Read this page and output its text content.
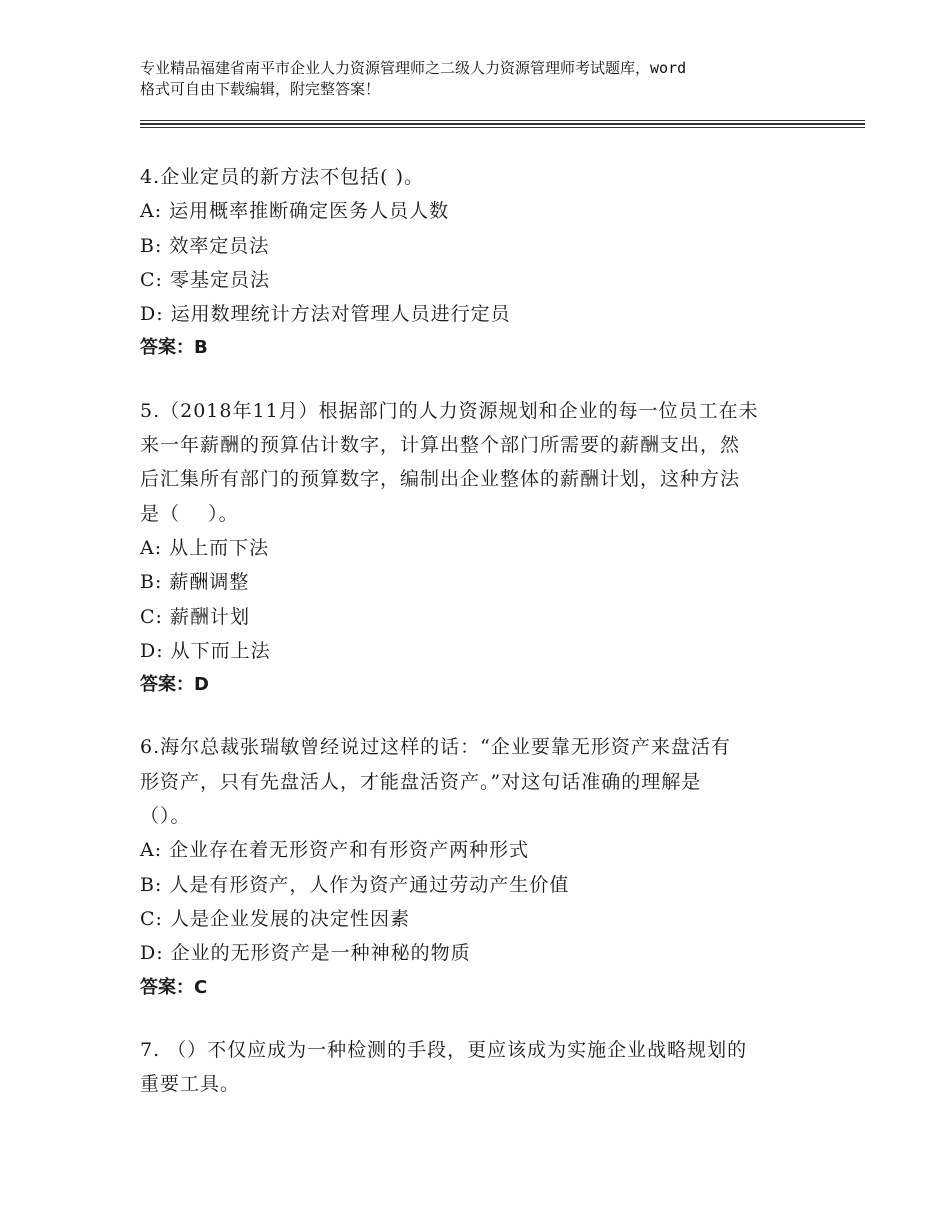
专业精品福建省南平市企业人力资源管理师之二级人力资源管理师考试题库，word
格式可自由下载编辑，附完整答案！
4.企业定员的新方法不包括( )。
A: 运用概率推断确定医务人员人数
B: 效率定员法
C: 零基定员法
D: 运用数理统计方法对管理人员进行定员
答案：B
5.（2018年11月）根据部门的人力资源规划和企业的每一位员工在未
来一年薪酬的预算估计数字，计算出整个部门所需要的薪酬支出，然
后汇集所有部门的预算数字，编制出企业整体的薪酬计划，这种方法
是（    ）。
A: 从上而下法
B: 薪酬调整
C: 薪酬计划
D: 从下而上法
答案：D
6.海尔总裁张瑞敏曾经说过这样的话：“企业要靠无形资产来盘活有
形资产，只有先盘活人，才能盘活资产。”对这句话准确的理解是
（）。
A: 企业存在着无形资产和有形资产两种形式
B: 人是有形资产，人作为资产通过劳动产生价值
C: 人是企业发展的决定性因素
D: 企业的无形资产是一种神秘的物质
答案：C
7. （）不仅应成为一种检测的手段，更应该成为实施企业战略规划的
重要工具。
